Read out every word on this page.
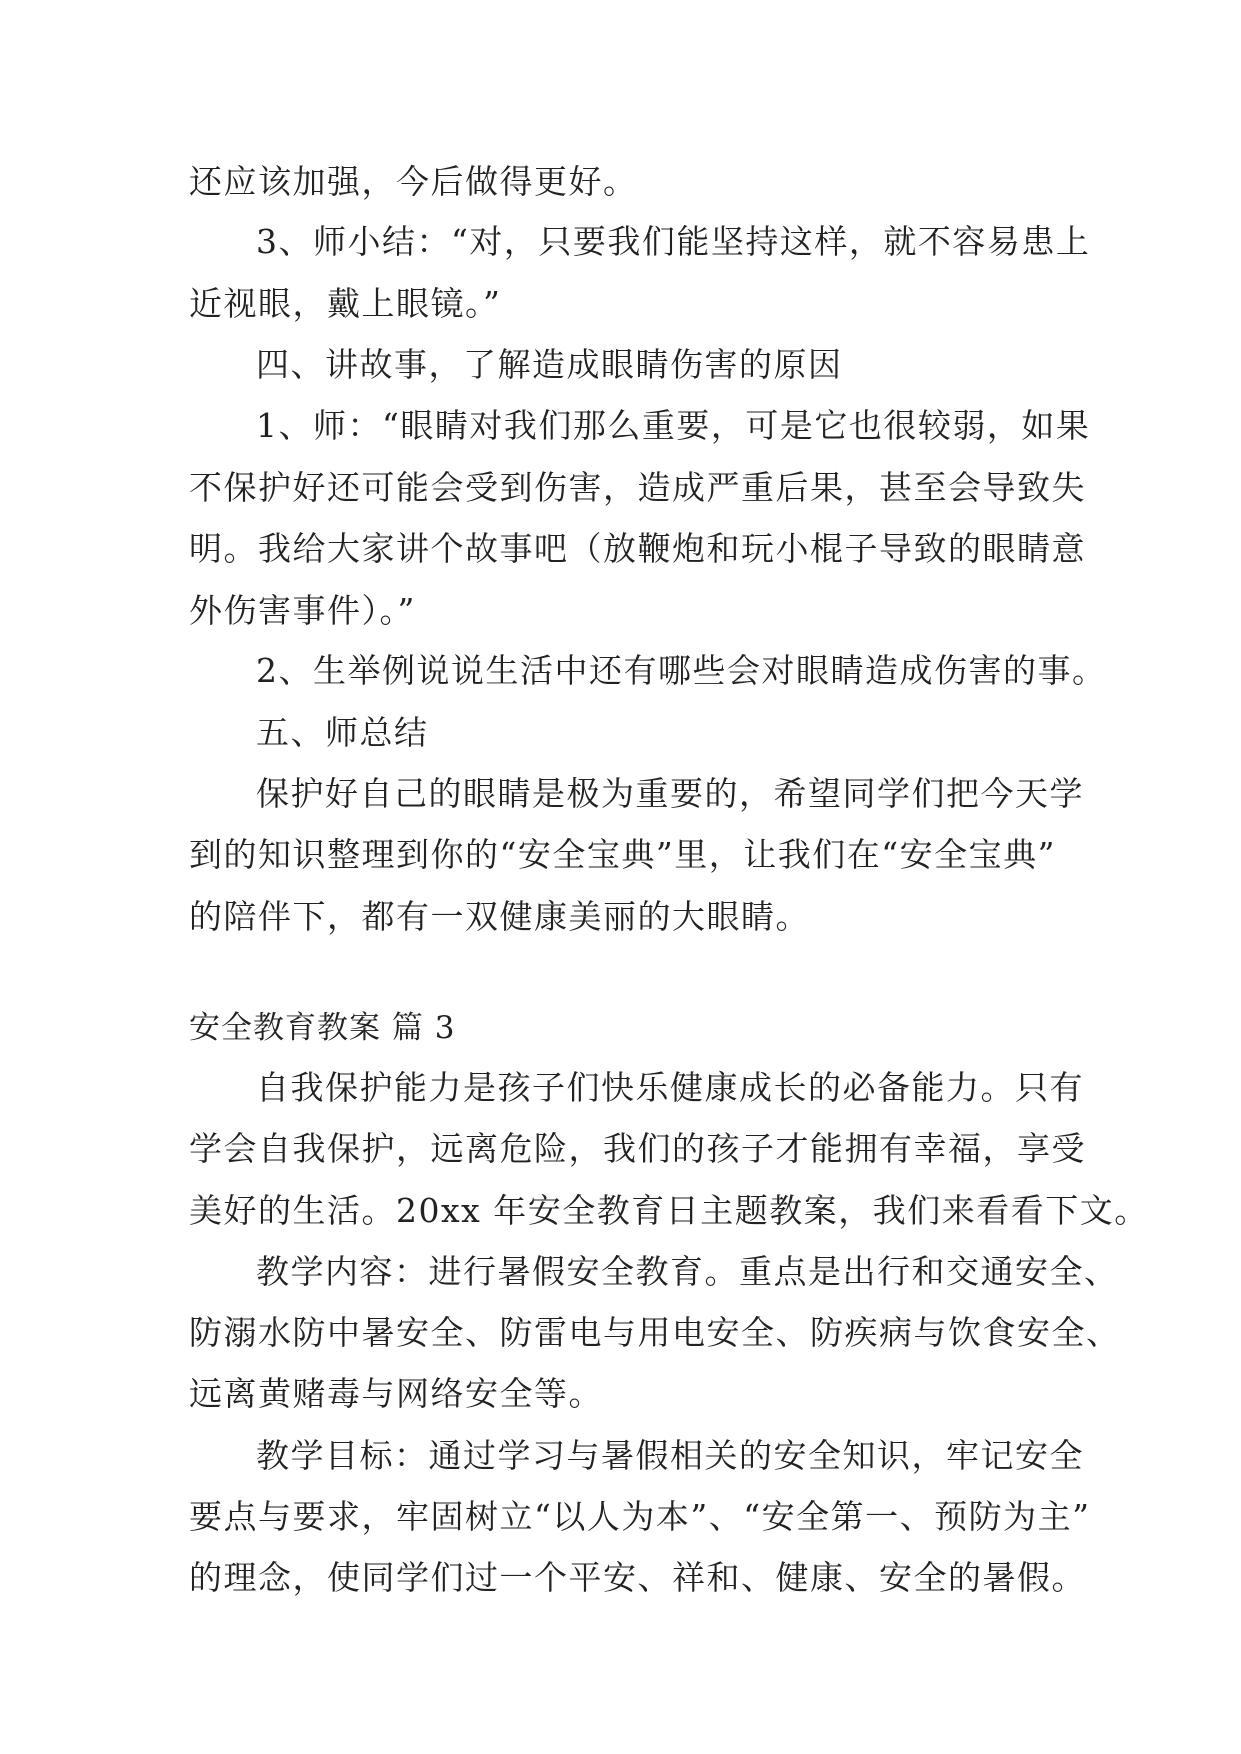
还应该加强，今后做得更好。
3、师小结：“对，只要我们能坚持这样，就不容易患上
近视眼，戴上眼镜。”
四、讲故事，了解造成眼睛伤害的原因
1、师：“眼睛对我们那么重要，可是它也很较弱，如果
不保护好还可能会受到伤害，造成严重后果，甚至会导致失
明。我给大家讲个故事吧（放鞭炮和玩小棍子导致的眼睛意
外伤害事件）。”
2、生举例说说生活中还有哪些会对眼睛造成伤害的事。
五、师总结
保护好自己的眼睛是极为重要的，希望同学们把今天学
到的知识整理到你的“安全宝典”里，让我们在“安全宝典”
的陪伴下，都有一双健康美丽的大眼睛。
安全教育教案 篇 3
自我保护能力是孩子们快乐健康成长的必备能力。只有
学会自我保护，远离危险，我们的孩子才能拥有幸福，享受
美好的生活。20xx 年安全教育日主题教案，我们来看看下文。
教学内容：进行暑假安全教育。重点是出行和交通安全、
防溺水防中暑安全、防雷电与用电安全、防疾病与饮食安全、
远离黄赌毒与网络安全等。
教学目标：通过学习与暑假相关的安全知识，牢记安全
要点与要求，牢固树立“以人为本”、“安全第一、预防为主”
的理念，使同学们过一个平安、祥和、健康、安全的暑假。
